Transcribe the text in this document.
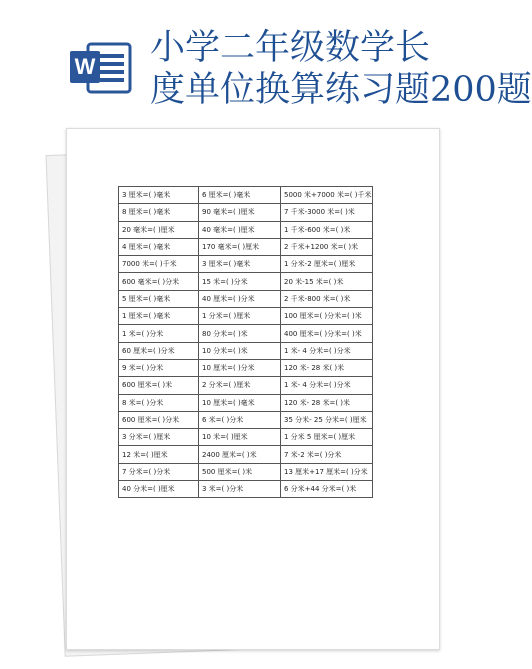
W 小学二年级数学长
度单位换算练习题200题
3 厘米=( )毫米	6 厘米=( )毫米	5000 米+7000 米=( )千米
8 厘米=( )毫米	90 毫米=( )厘米	7 千米-3000 米=( )米
20 毫米=( )厘米	40 毫米=( )厘米	1 千米-600 米=( )米
4 厘米=( )毫米	170 毫米=( )厘米	2 千米+1200 米=( )米
7000 米=( )千米	3 厘米=( )毫米	1 分米-2 厘米=( )厘米
600 毫米=( )分米	15 米=( )分米	20 米-15 米=( )米
5 厘米=( )毫米	40 厘米=( )分米	2 千米-800 米=( )米
1 厘米=( )毫米	1 分米=( )厘米	100 厘米=( )分米=( )米
1 米=( )分米	80 分米=( )米	400 厘米=( )分米=( )米
60 厘米=( )分米	10 分米=( )米	1 米- 4 分米=( )分米
9 米=( )分米	10 厘米=( )分米	120 米- 28 米( )米
600 厘米=( )米	2 分米=( )厘米	1 米- 4 分米=( )分米
8 米=( )分米	10 厘米=( )毫米	120 米- 28 米=( )米
600 厘米=( )分米	6 米=( )分米	35 分米- 25 分米=( )厘米
3 分米=( )厘米	10 米=( )厘米	1 分米 5 厘米=( )厘米
12 米=( )厘米	2400 厘米=( )米	7 米-2 米=( )分米
7 分米=( )分米	500 厘米=( )米	13 厘米+17 厘米=( )分米
40 分米=( )厘米	3 米=( )分米	6 分米+44 分米=( )米
